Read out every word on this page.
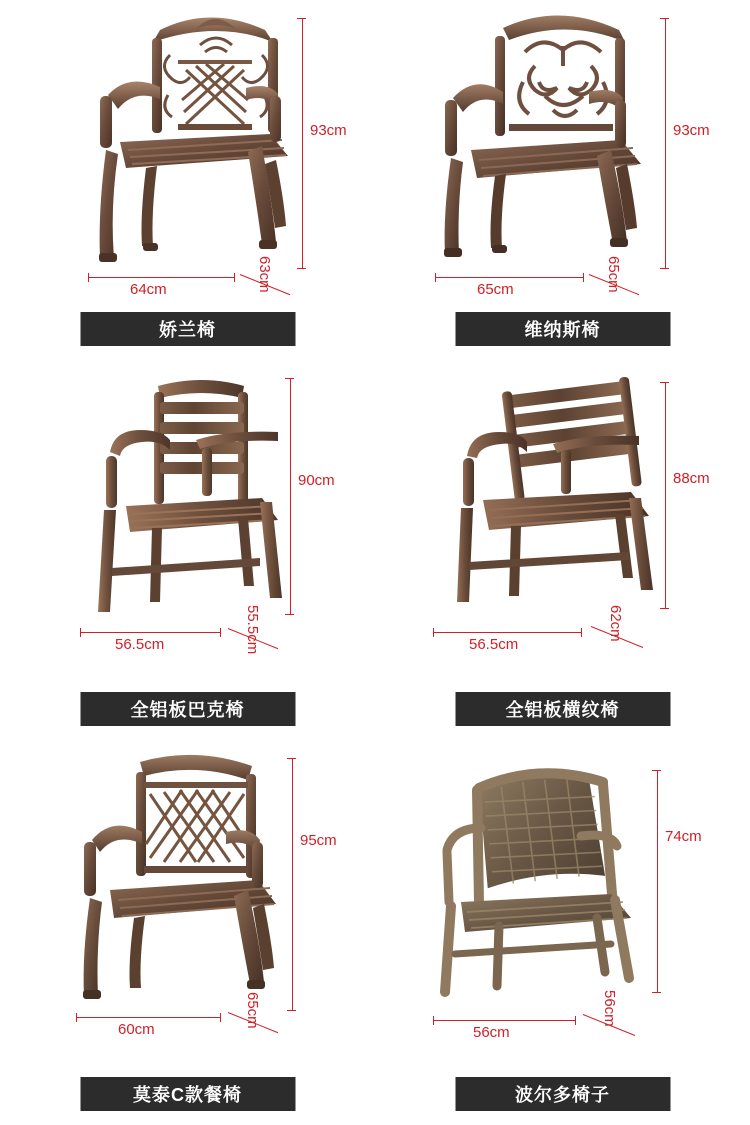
93cm
64cm	63cm
娇兰椅
93cm
65cm	65cm
维纳斯椅
90cm
56.5cm	55.5cm
全铝板巴克椅
88cm
56.5cm
62cm
全铝板横纹椅
95cm
60cm
65cm
莫泰C款餐椅
74cm
56cm
56cm
波尔多椅子
